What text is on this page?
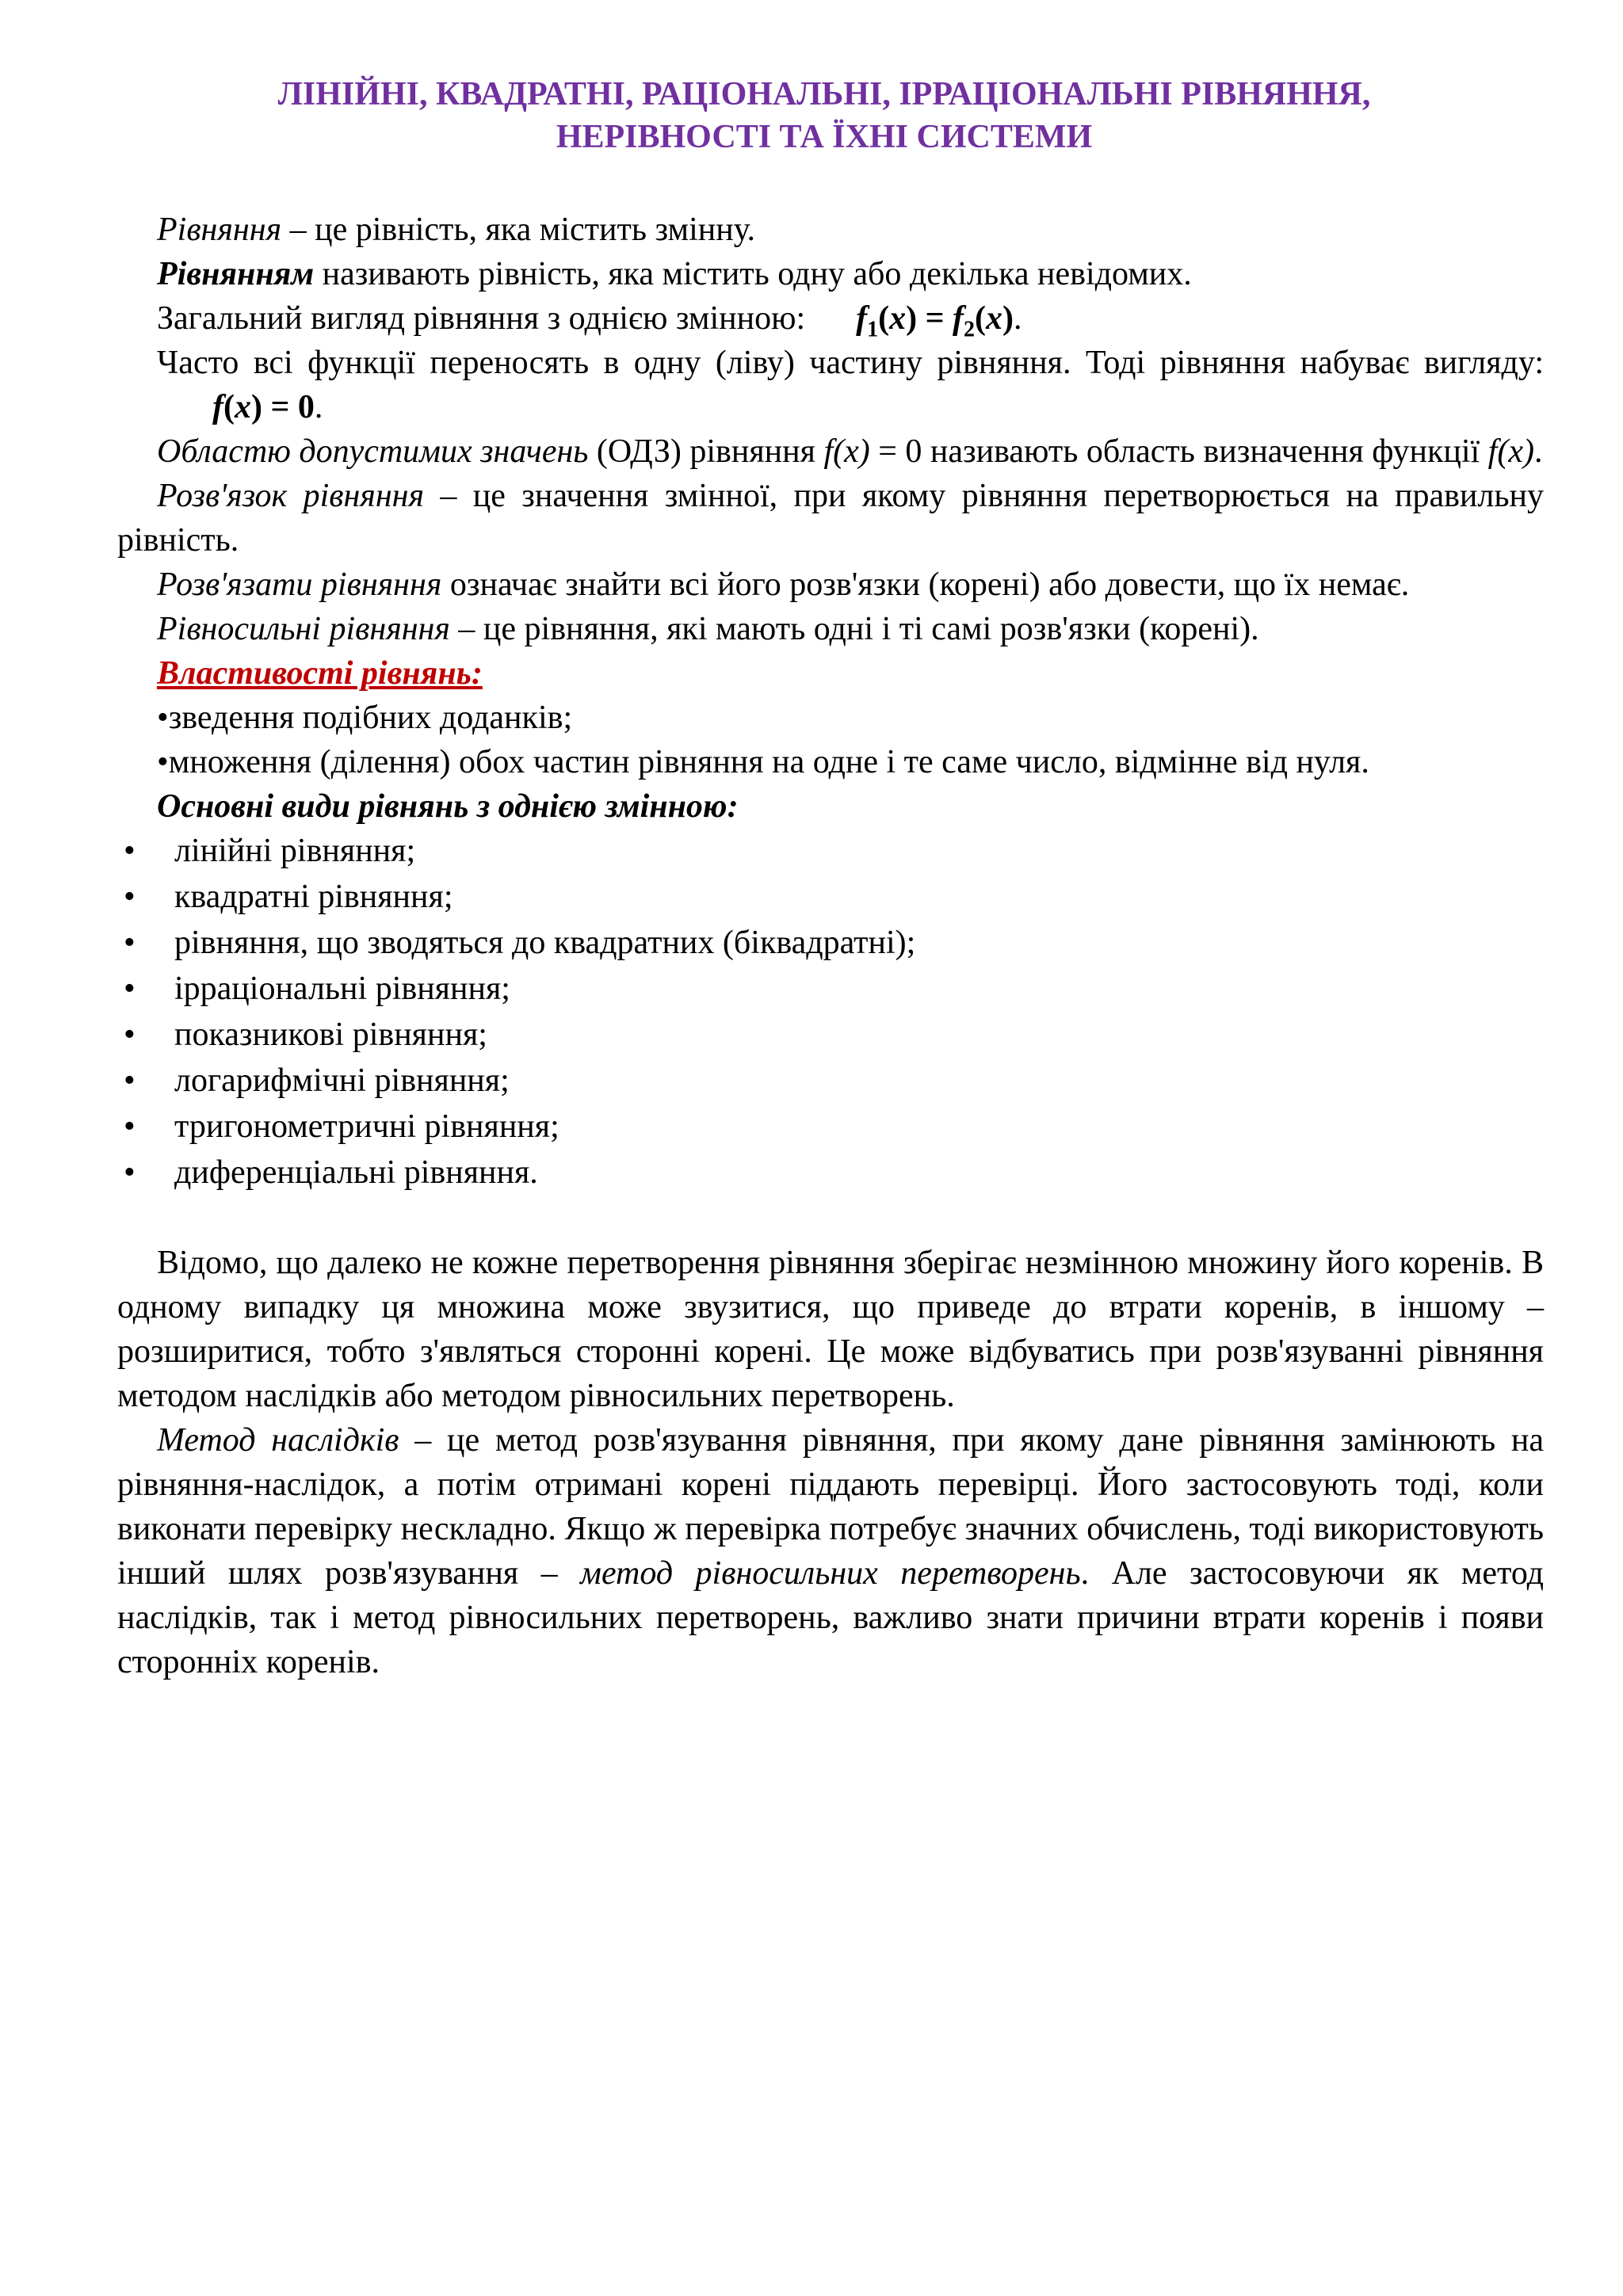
ЛІНІЙНІ, КВАДРАТНІ, РАЦІОНАЛЬНІ, ІРРАЦІОНАЛЬНІ РІВНЯННЯ,
НЕРІВНОСТІ ТА ЇХНІ СИСТЕМИ

Рівняння – це рівність, яка містить змінну.

Рівнянням називають рівність, яка містить одну або декілька невідомих.

Загальний вигляд рівняння з однією змінною: $f_1(x) = f_2(x)$.

Часто всі функції переносять в одну (ліву) частину рівняння. Тоді рівняння набуває вигляду:f(x) = 0.

Областю допустимих значень (ОДЗ) рівняння f(x) = 0 називають область визначення функції f(x).

Розв'язок рівняння – це значення змінної, при якому рівняння перетворюється на правильну рівність.

Розв'язати рівняння означає знайти всі його розв'язки (корені) або довести, що їх немає.

Рівносильні рівняння – це рівняння, які мають одні і ті самі розв'язки (корені).

Властивості рівнянь:

•зведення подібних доданків;

•множення (ділення) обох частин рівняння на одне і те саме число, відмінне від нуля.

Основні види рівнянь з однією змінною:

• лінійні рівняння;
• квадратні рівняння;
• рівняння, що зводяться до квадратних (біквадратні);
• ірраціональні рівняння;
• показникові рівняння;
• логарифмічні рівняння;
• тригонометричні рівняння;
• диференціальні рівняння.

Відомо, що далеко не кожне перетворення рівняння зберігає незмінною множину його коренів. В одному випадку ця множина може звузитися, що приведе до втрати коренів, в іншому – розширитися, тобто з'являться сторонні корені. Це може відбуватись при розв'язуванні рівняння методом наслідків або методом рівносильних перетворень.

Метод наслідків – це метод розв'язування рівняння, при якому дане рівняння замінюють на рівняння-наслідок, а потім отримані корені піддають перевірці. Його застосовують тоді, коли виконати перевірку нескладно. Якщо ж перевірка потребує значних обчислень, тоді використовують інший шлях розв'язування – метод рівносильних перетворень. Але застосовуючи як метод наслідків, так і метод рівносильних перетворень, важливо знати причини втрати коренів і появи сторонніх коренів.
